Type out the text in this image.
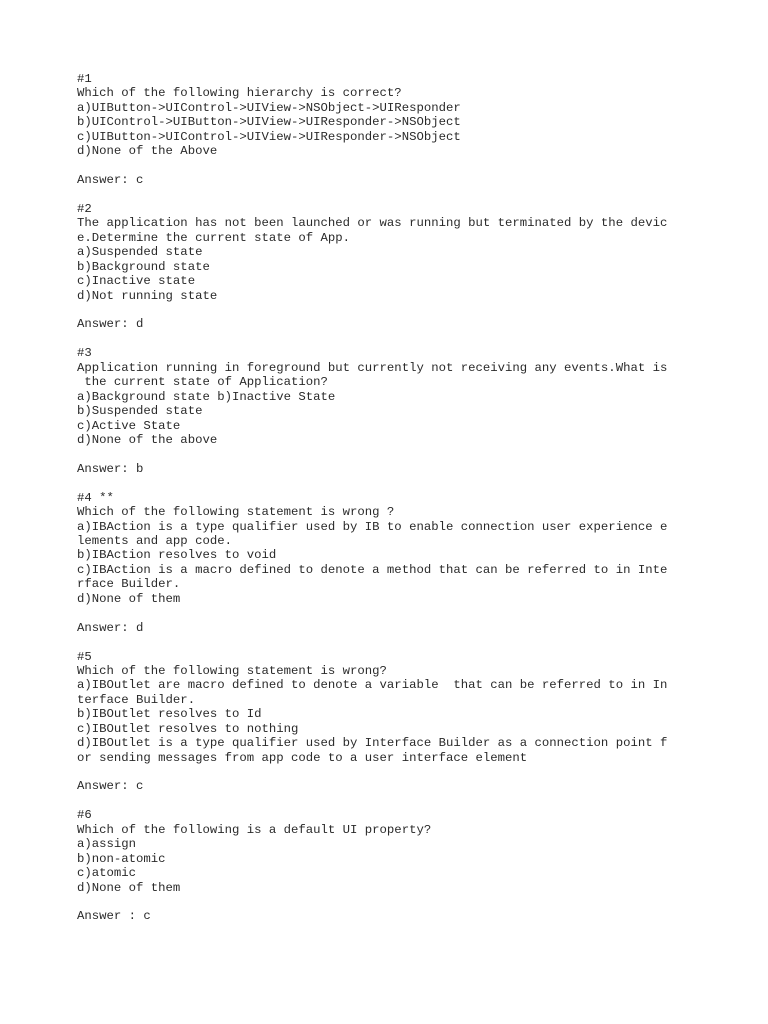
#1
Which of the following hierarchy is correct?
a)UIButton->UIControl->UIView->NSObject->UIResponder
b)UIControl->UIButton->UIView->UIResponder->NSObject
c)UIButton->UIControl->UIView->UIResponder->NSObject
d)None of the Above
Answer: c
#2
The application has not been launched or was running but terminated by the devic
e.Determine the current state of App.
a)Suspended state
b)Background state
c)Inactive state
d)Not running state
Answer: d
#3
Application running in foreground but currently not receiving any events.What is
the current state of Application?
a)Background state b)Inactive State
b)Suspended state
c)Active State
d)None of the above
Answer: b
#4 **
Which of the following statement is wrong ?
a)IBAction is a type qualifier used by IB to enable connection user experience e
lements and app code.
b)IBAction resolves to void
c)IBAction is a macro defined to denote a method that can be referred to in Inte
rface Builder.
d)None of them
Answer: d
#5
Which of the following statement is wrong?
a)IBOutlet are macro defined to denote a variable  that can be referred to in In
terface Builder.
b)IBOutlet resolves to Id
c)IBOutlet resolves to nothing
d)IBOutlet is a type qualifier used by Interface Builder as a connection point f
or sending messages from app code to a user interface element
Answer: c
#6
Which of the following is a default UI property?
a)assign
b)non-atomic
c)atomic
d)None of them
Answer : c
